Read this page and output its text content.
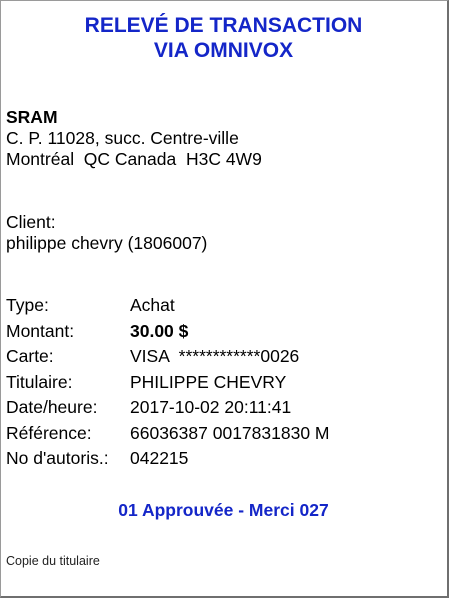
RELEVÉ DE TRANSACTION
VIA OMNIVOX
SRAM
C. P. 11028, succ. Centre-ville
Montréal  QC Canada  H3C 4W9
Client:
philippe chevry (1806007)
Type:	Achat
Montant:	30.00 $
Carte:	VISA  ************0026
Titulaire:	PHILIPPE CHEVRY
Date/heure:	2017-10-02 20:11:41
Référence:	66036387 0017831830 M
No d'autoris.:	042215
01 Approuvée - Merci 027
Copie du titulaire
